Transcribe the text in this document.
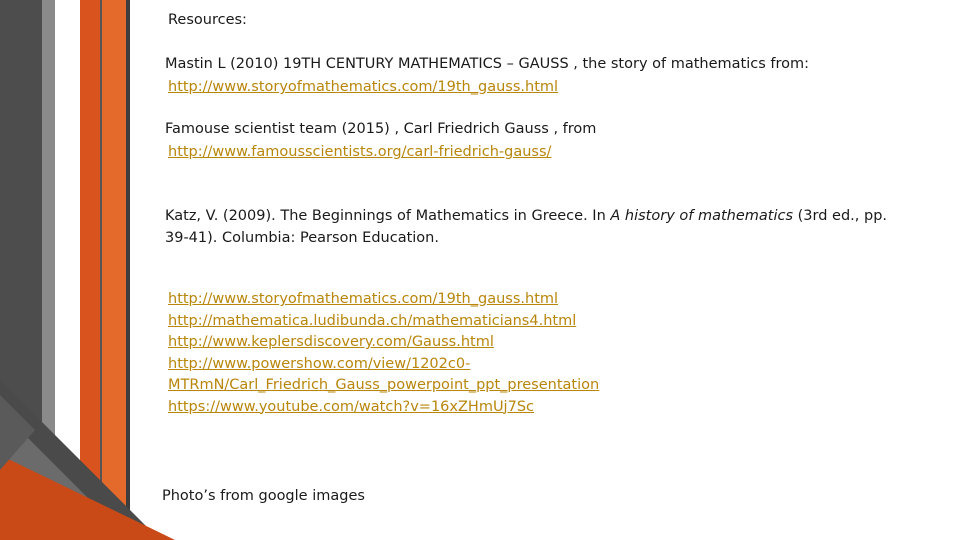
Resources:
Mastin L (2010) 19TH CENTURY MATHEMATICS – GAUSS , the story of mathematics from:
http://www.storyofmathematics.com/19th_gauss.html
Famouse scientist team (2015) , Carl Friedrich Gauss , from
http://www.famousscientists.org/carl-friedrich-gauss/
Katz, V. (2009). The Beginnings of Mathematics in Greece. In A history of mathematics (3rd ed., pp. 39-41). Columbia: Pearson Education.
http://www.storyofmathematics.com/19th_gauss.html
http://mathematica.ludibunda.ch/mathematicians4.html
http://www.keplersdiscovery.com/Gauss.html
http://www.powershow.com/view/1202c0-
MTRmN/Carl_Friedrich_Gauss_powerpoint_ppt_presentation
https://www.youtube.com/watch?v=16xZHmUj7Sc
Photo’s from google images
